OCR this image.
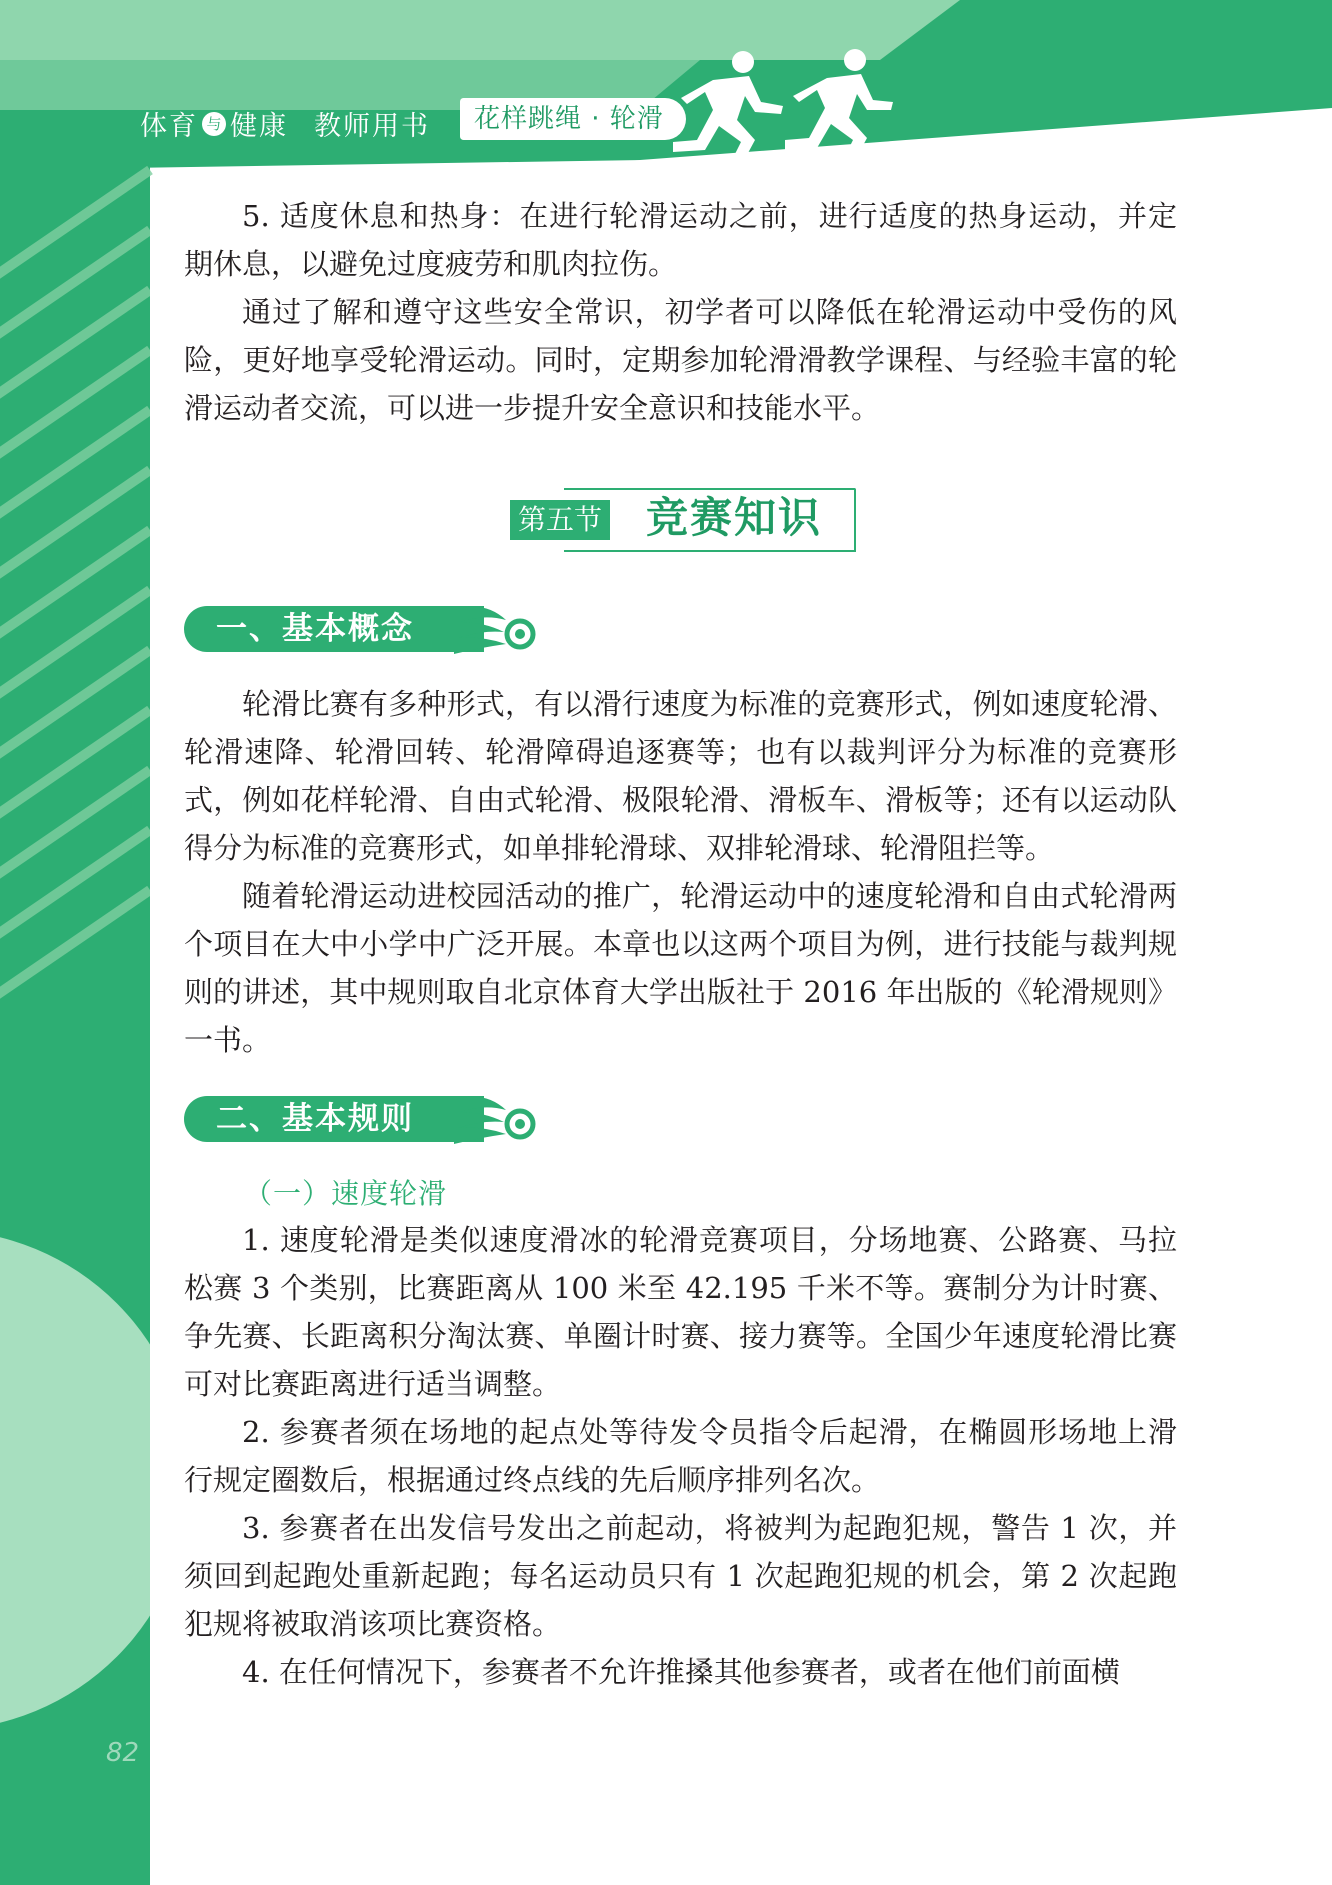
体育 与 健康 教师用书	花样跳绳 · 轮滑

5. 适度休息和热身：在进行轮滑运动之前，进行适度的热身运动，并定期休息，以避免过度疲劳和肌肉拉伤。

通过了解和遵守这些安全常识，初学者可以降低在轮滑运动中受伤的风险，更好地享受轮滑运动。同时，定期参加轮滑滑教学课程、与经验丰富的轮滑运动者交流，可以进一步提升安全意识和技能水平。

第五节 竞赛知识
一、基本概念

轮滑比赛有多种形式，有以滑行速度为标准的竞赛形式，例如速度轮滑、轮滑速降、轮滑回转、轮滑障碍追逐赛等；也有以裁判评分为标准的竞赛形式，例如花样轮滑、自由式轮滑、极限轮滑、滑板车、滑板等；还有以运动队得分为标准的竞赛形式，如单排轮滑球、双排轮滑球、轮滑阻拦等。

随着轮滑运动进校园活动的推广，轮滑运动中的速度轮滑和自由式轮滑两个项目在大中小学中广泛开展。本章也以这两个项目为例，进行技能与裁判规则的讲述，其中规则取自北京体育大学出版社于 2016 年出版的《轮滑规则》一书。

二、基本规则
（一）速度轮滑

1. 速度轮滑是类似速度滑冰的轮滑竞赛项目，分场地赛、公路赛、马拉松赛 3 个类别，比赛距离从 100 米至 42.195 千米不等。赛制分为计时赛、争先赛、长距离积分淘汰赛、单圈计时赛、接力赛等。全国少年速度轮滑比赛可对比赛距离进行适当调整。

2. 参赛者须在场地的起点处等待发令员指令后起滑，在椭圆形场地上滑行规定圈数后，根据通过终点线的先后顺序排列名次。

3. 参赛者在出发信号发出之前起动，将被判为起跑犯规，警告 1 次，并须回到起跑处重新起跑；每名运动员只有 1 次起跑犯规的机会，第 2 次起跑犯规将被取消该项比赛资格。

4. 在任何情况下，参赛者不允许推搡其他参赛者，或者在他们前面横

82
